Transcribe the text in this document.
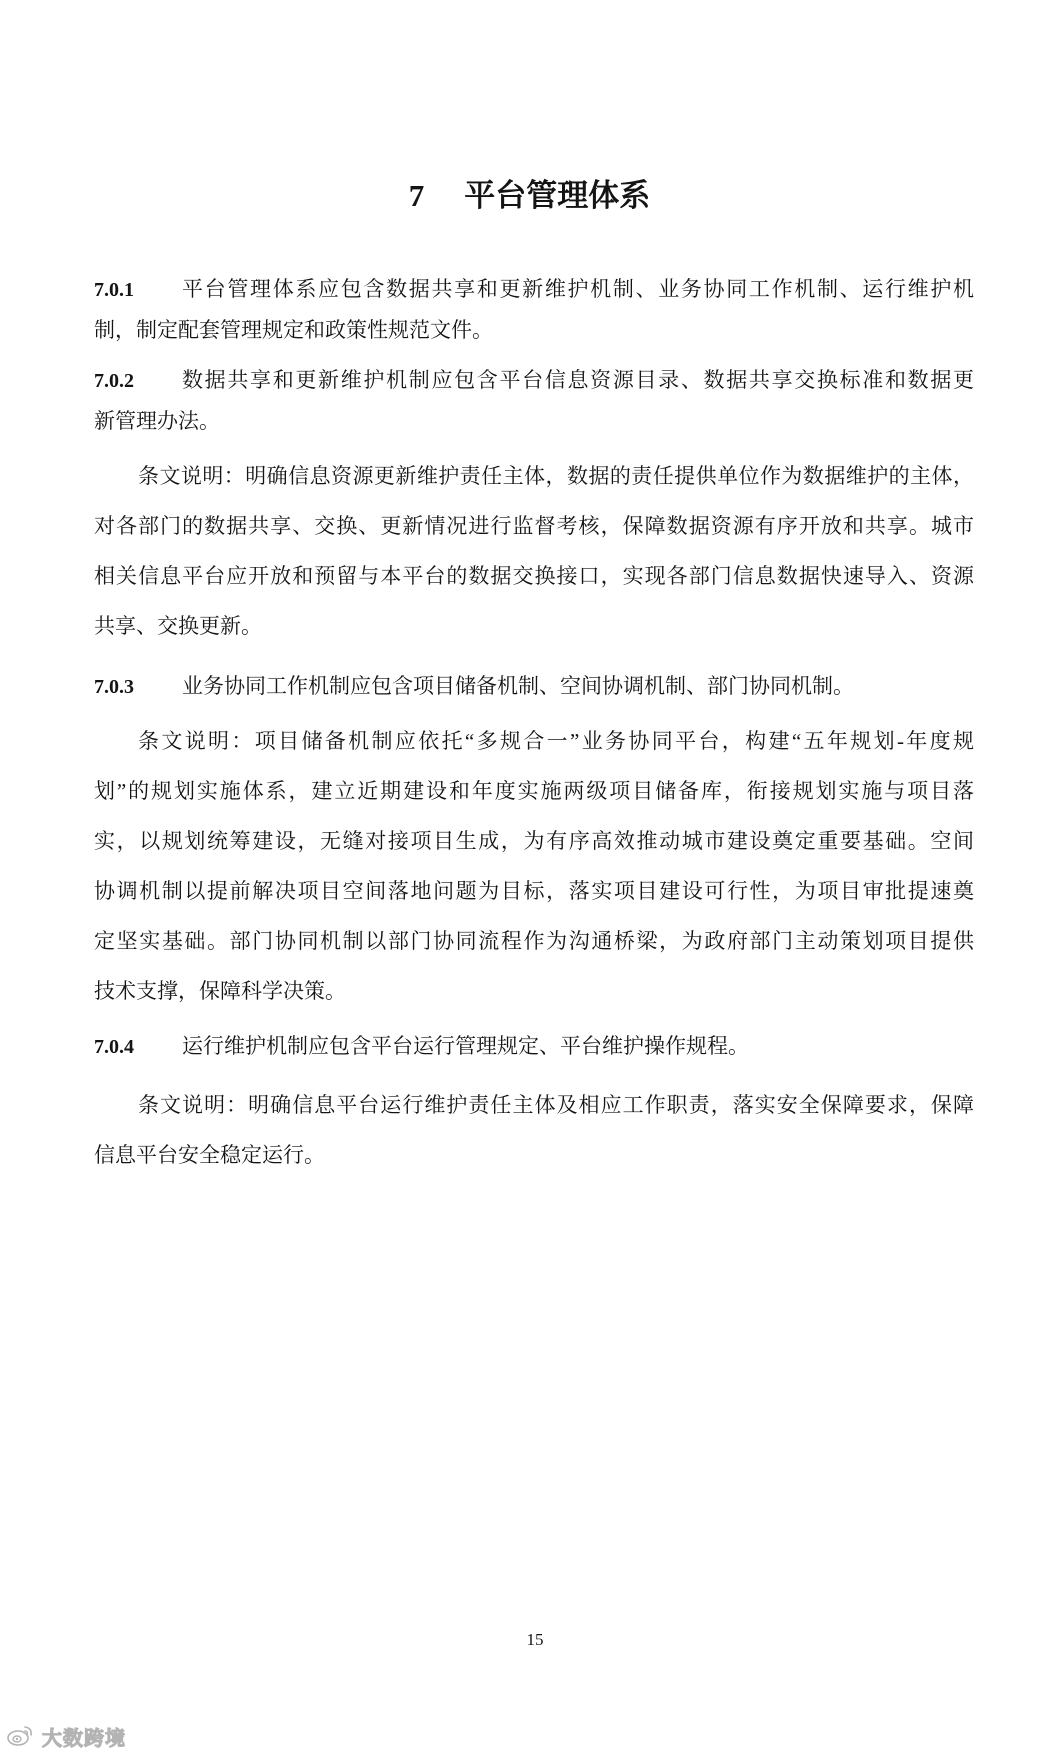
7 平台管理体系
7.0.1	平台管理体系应包含数据共享和更新维护机制、业务协同工作机制、运行维护机
制，制定配套管理规定和政策性规范文件。
7.0.2	数据共享和更新维护机制应包含平台信息资源目录、数据共享交换标准和数据更
新管理办法。
条文说明：明确信息资源更新维护责任主体，数据的责任提供单位作为数据维护的主体，
对各部门的数据共享、交换、更新情况进行监督考核，保障数据资源有序开放和共享。城市
相关信息平台应开放和预留与本平台的数据交换接口，实现各部门信息数据快速导入、资源
共享、交换更新。
7.0.3	业务协同工作机制应包含项目储备机制、空间协调机制、部门协同机制。
条文说明：项目储备机制应依托“多规合一”业务协同平台，构建“五年规划-年度规
划”的规划实施体系，建立近期建设和年度实施两级项目储备库，衔接规划实施与项目落
实，以规划统筹建设，无缝对接项目生成，为有序高效推动城市建设奠定重要基础。空间
协调机制以提前解决项目空间落地问题为目标，落实项目建设可行性，为项目审批提速奠
定坚实基础。部门协同机制以部门协同流程作为沟通桥梁，为政府部门主动策划项目提供
技术支撑，保障科学决策。
7.0.4	运行维护机制应包含平台运行管理规定、平台维护操作规程。
条文说明：明确信息平台运行维护责任主体及相应工作职责，落实安全保障要求，保障
信息平台安全稳定运行。
15
大数跨境
